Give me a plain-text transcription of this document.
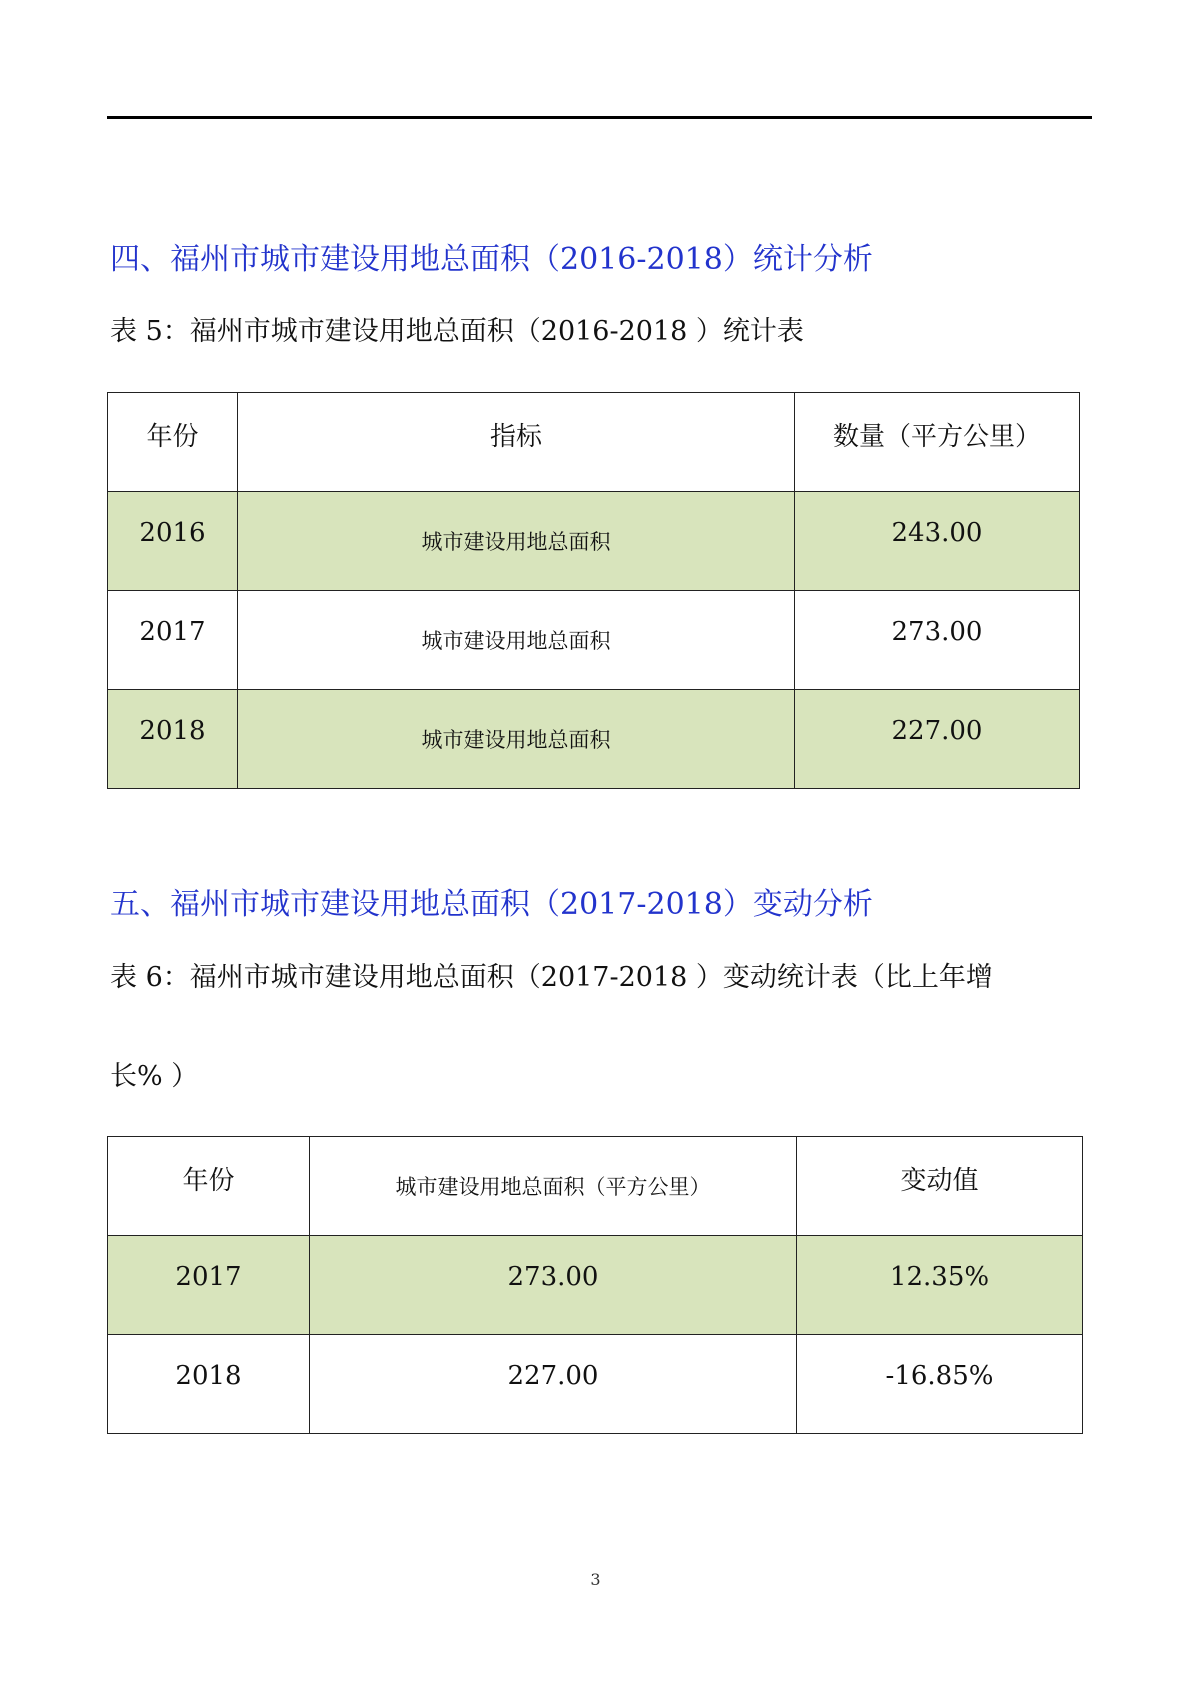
四、福州市城市建设用地总面积（2016-2018）统计分析
表 5：福州市城市建设用地总面积（2016-2018 ）统计表
年份	指标	数量（平方公里）
2016	城市建设用地总面积	243.00
2017	城市建设用地总面积	273.00
2018	城市建设用地总面积	227.00
五、福州市城市建设用地总面积（2017-2018）变动分析
表 6：福州市城市建设用地总面积（2017-2018 ）变动统计表（比上年增
长% ）
年份	城市建设用地总面积（平方公里）	变动值
2017	273.00	12.35%
2018	227.00	-16.85%
3
